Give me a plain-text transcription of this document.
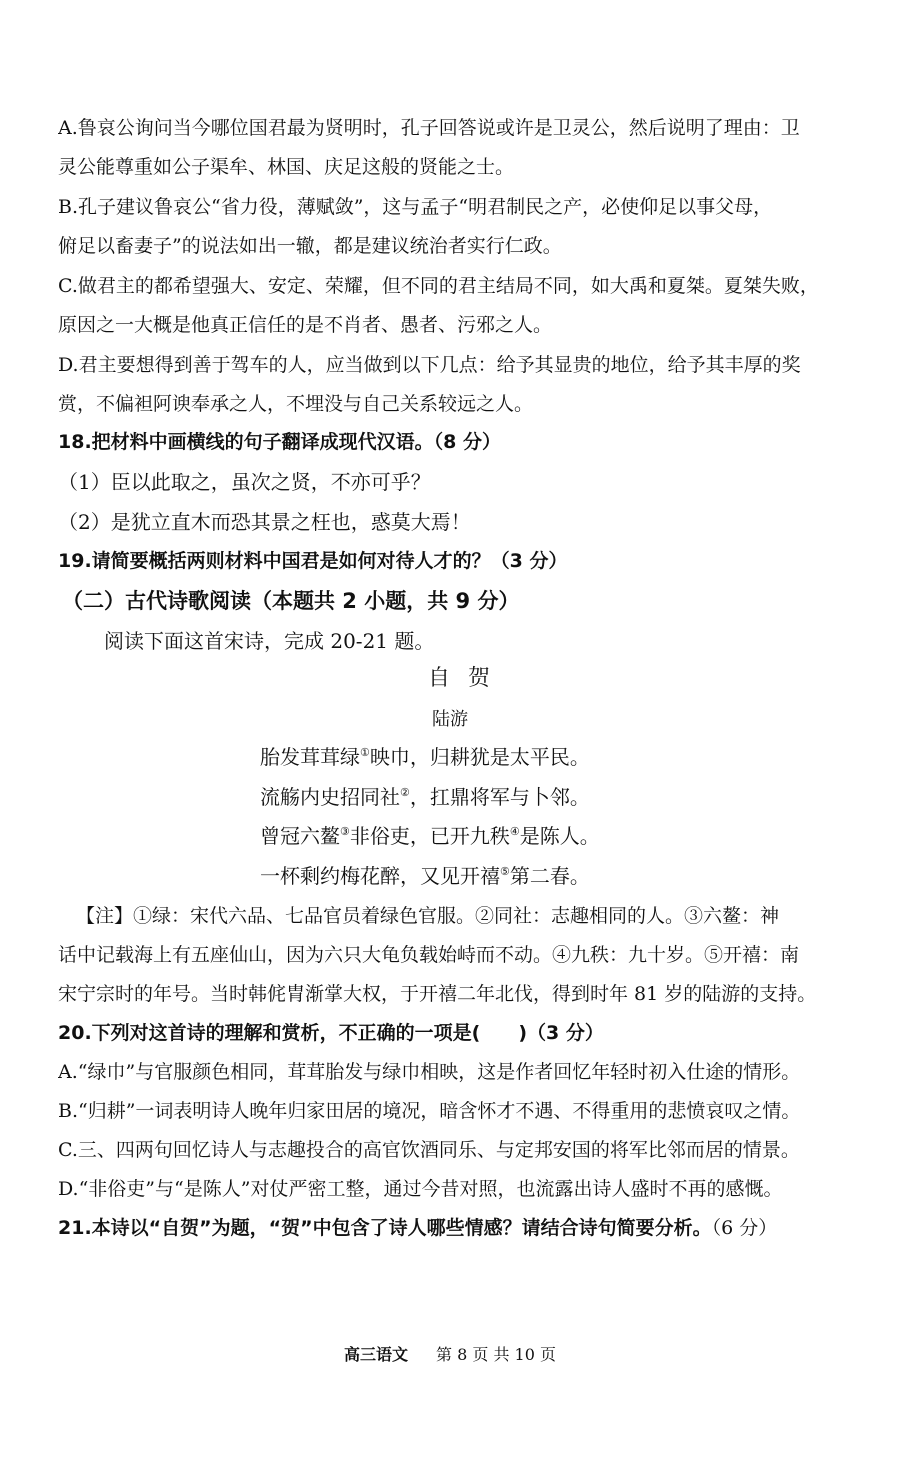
A.鲁哀公询问当今哪位国君最为贤明时，孔子回答说或许是卫灵公，然后说明了理由：卫
灵公能尊重如公子渠牟、林国、庆足这般的贤能之士。
B.孔子建议鲁哀公“省力役，薄赋敛”，这与孟子“明君制民之产，必使仰足以事父母，
俯足以畜妻子”的说法如出一辙，都是建议统治者实行仁政。
C.做君主的都希望强大、安定、荣耀，但不同的君主结局不同，如大禹和夏桀。夏桀失败，
原因之一大概是他真正信任的是不肖者、愚者、污邪之人。
D.君主要想得到善于驾车的人，应当做到以下几点：给予其显贵的地位，给予其丰厚的奖
赏，不偏袒阿谀奉承之人，不埋没与自己关系较远之人。
18.把材料中画横线的句子翻译成现代汉语。（8 分）
（1）臣以此取之，虽次之贤，不亦可乎？
（2）是犹立直木而恐其景之枉也，惑莫大焉！
19.请简要概括两则材料中国君是如何对待人才的？（3 分）
（二）古代诗歌阅读（本题共 2 小题，共 9 分）
阅读下面这首宋诗，完成 20-21 题。
自贺
陆游
胎发茸茸绿①映巾，归耕犹是太平民。
流觞内史招同社②，扛鼎将军与卜邻。
曾冠六鳌③非俗吏，已开九秩④是陈人。
一杯剩约梅花醉，又见开禧⑤第二春。
【注】①绿：宋代六品、七品官员着绿色官服。②同社：志趣相同的人。③六鳌：神
话中记载海上有五座仙山，因为六只大龟负载始峙而不动。④九秩：九十岁。⑤开禧：南
宋宁宗时的年号。当时韩侂胄渐掌大权，于开禧二年北伐，得到时年 81 岁的陆游的支持。
20.下列对这首诗的理解和赏析，不正确的一项是(　　)（3 分）
A.“绿巾”与官服颜色相同，茸茸胎发与绿巾相映，这是作者回忆年轻时初入仕途的情形。
B.“归耕”一词表明诗人晚年归家田居的境况，暗含怀才不遇、不得重用的悲愤哀叹之情。
C.三、四两句回忆诗人与志趣投合的高官饮酒同乐、与定邦安国的将军比邻而居的情景。
D.“非俗吏”与“是陈人”对仗严密工整，通过今昔对照，也流露出诗人盛时不再的感慨。
21.本诗以“自贺”为题，“贺”中包含了诗人哪些情感？请结合诗句简要分析。（6 分）
高三语文 第 8 页 共 10 页
